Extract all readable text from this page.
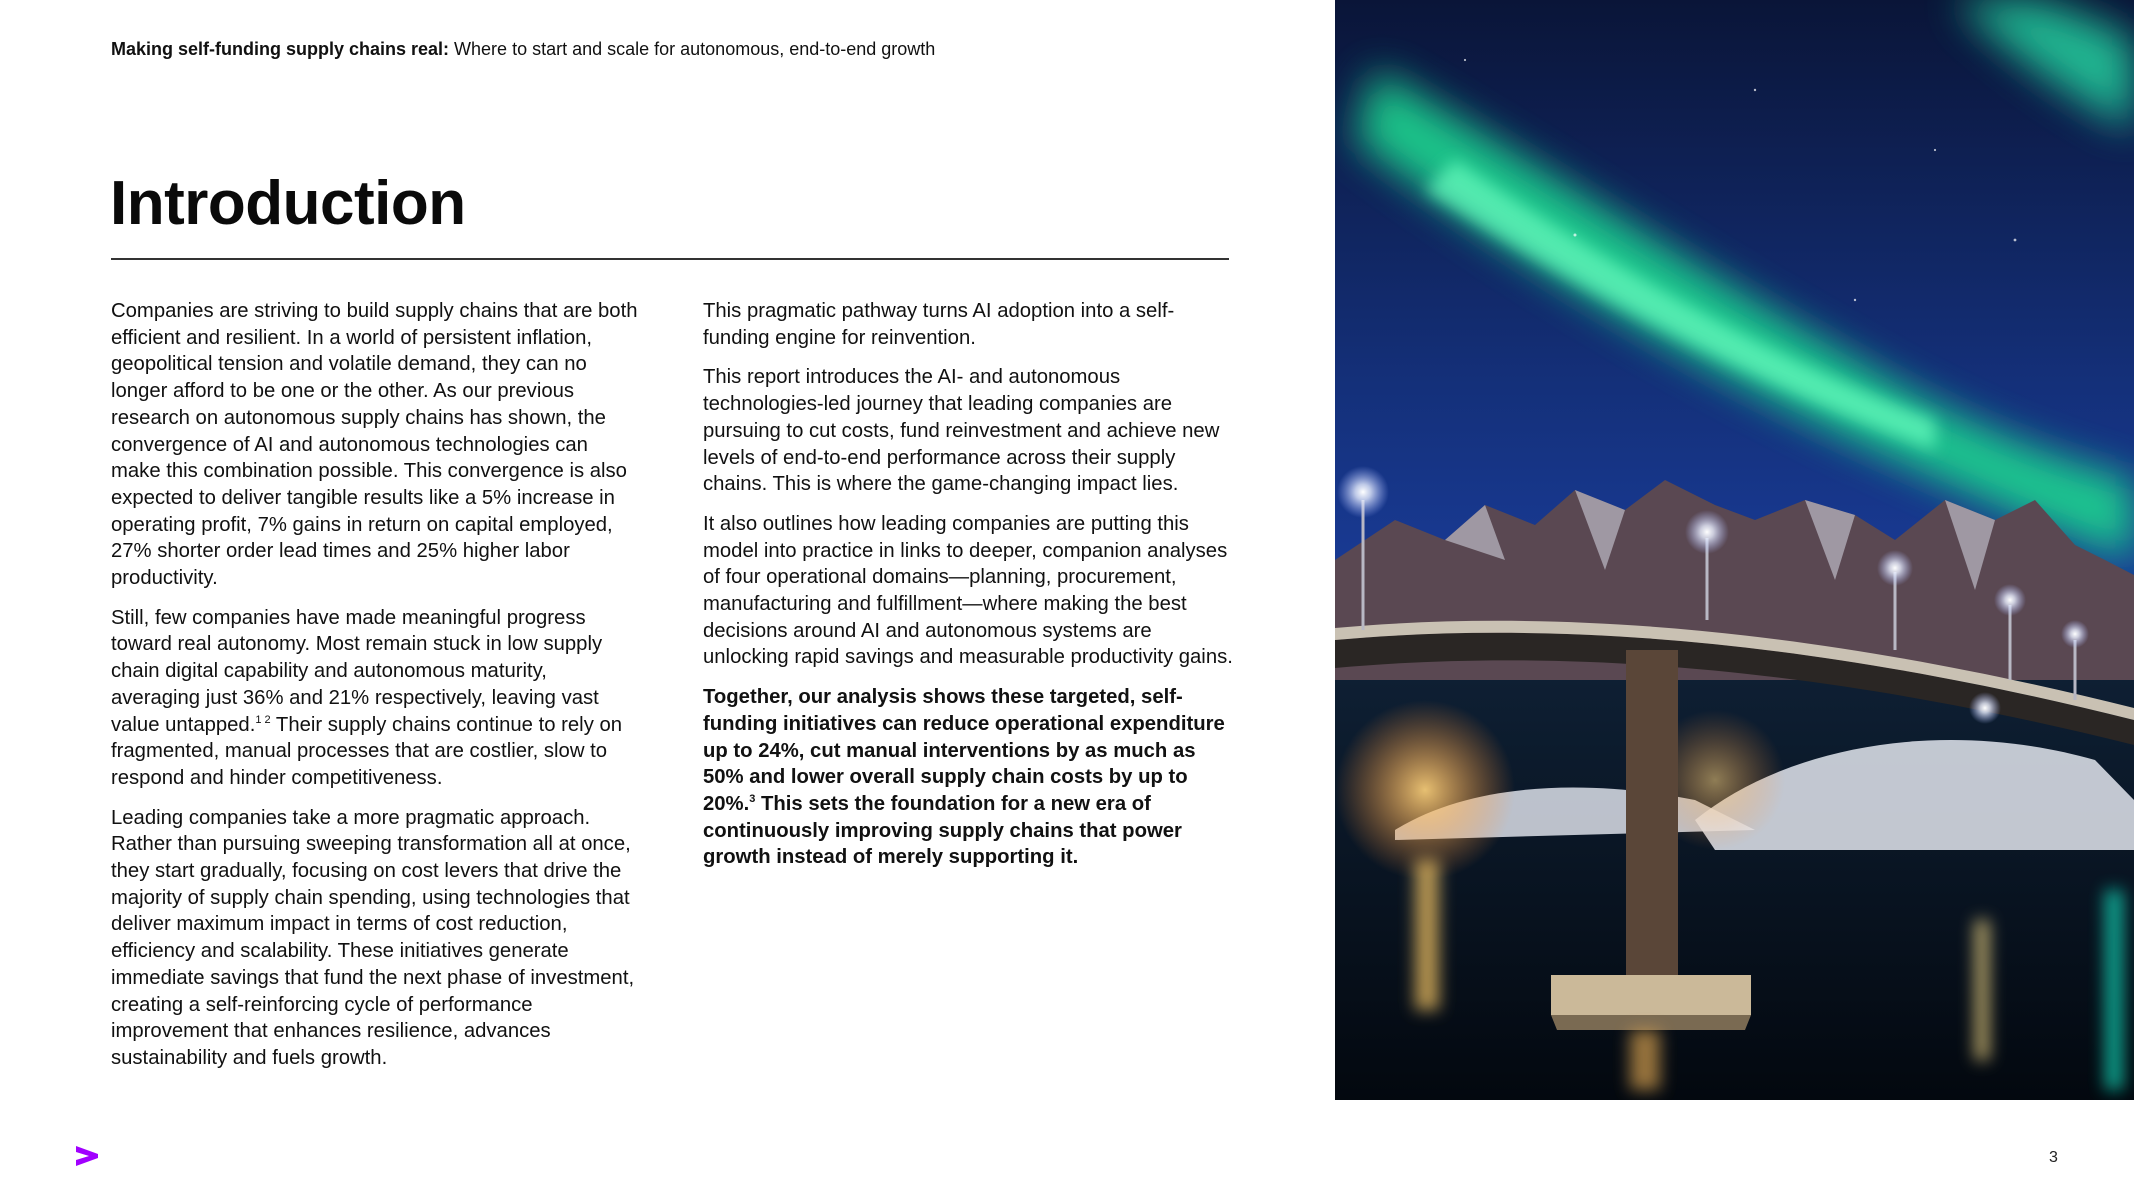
Making self-funding supply chains real: Where to start and scale for autonomous, end-to-end growth
Introduction

Companies are striving to build supply chains that are both efficient and resilient. In a world of persistent inflation, geopolitical tension and volatile demand, they can no longer afford to be one or the other. As our previous research on autonomous supply chains has shown, the convergence of AI and autonomous technologies can make this combination possible. This convergence is also expected to deliver tangible results like a 5% increase in operating profit, 7% gains in return on capital employed, 27% shorter order lead times and 25% higher labor productivity.

Still, few companies have made meaningful progress toward real autonomy. Most remain stuck in low supply chain digital capability and autonomous maturity, averaging just 36% and 21% respectively, leaving vast value untapped.$^{1 2}$ Their supply chains continue to rely on fragmented, manual processes that are costlier, slow to respond and hinder competitiveness.

Leading companies take a more pragmatic approach. Rather than pursuing sweeping transformation all at once, they start gradually, focusing on cost levers that drive the majority of supply chain spending, using technologies that deliver maximum impact in terms of cost reduction, efficiency and scalability. These initiatives generate immediate savings that fund the next phase of investment, creating a self-reinforcing cycle of performance improvement that enhances resilience, advances sustainability and fuels growth.

This pragmatic pathway turns AI adoption into a self-funding engine for reinvention.

This report introduces the AI- and autonomous technologies-led journey that leading companies are pursuing to cut costs, fund reinvestment and achieve new levels of end-to-end performance across their supply chains. This is where the game-changing impact lies.

It also outlines how leading companies are putting this model into practice in links to deeper, companion analyses of four operational domains—planning, procurement, manufacturing and fulfillment—where making the best decisions around AI and autonomous systems are unlocking rapid savings and measurable productivity gains.

Together, our analysis shows these targeted, self-funding initiatives can reduce operational expenditure up to 24%, cut manual interventions by as much as 50% and lower overall supply chain costs by up to 20%.$^3$ This sets the foundation for a new era of continuously improving supply chains that power growth instead of merely supporting it.

3
